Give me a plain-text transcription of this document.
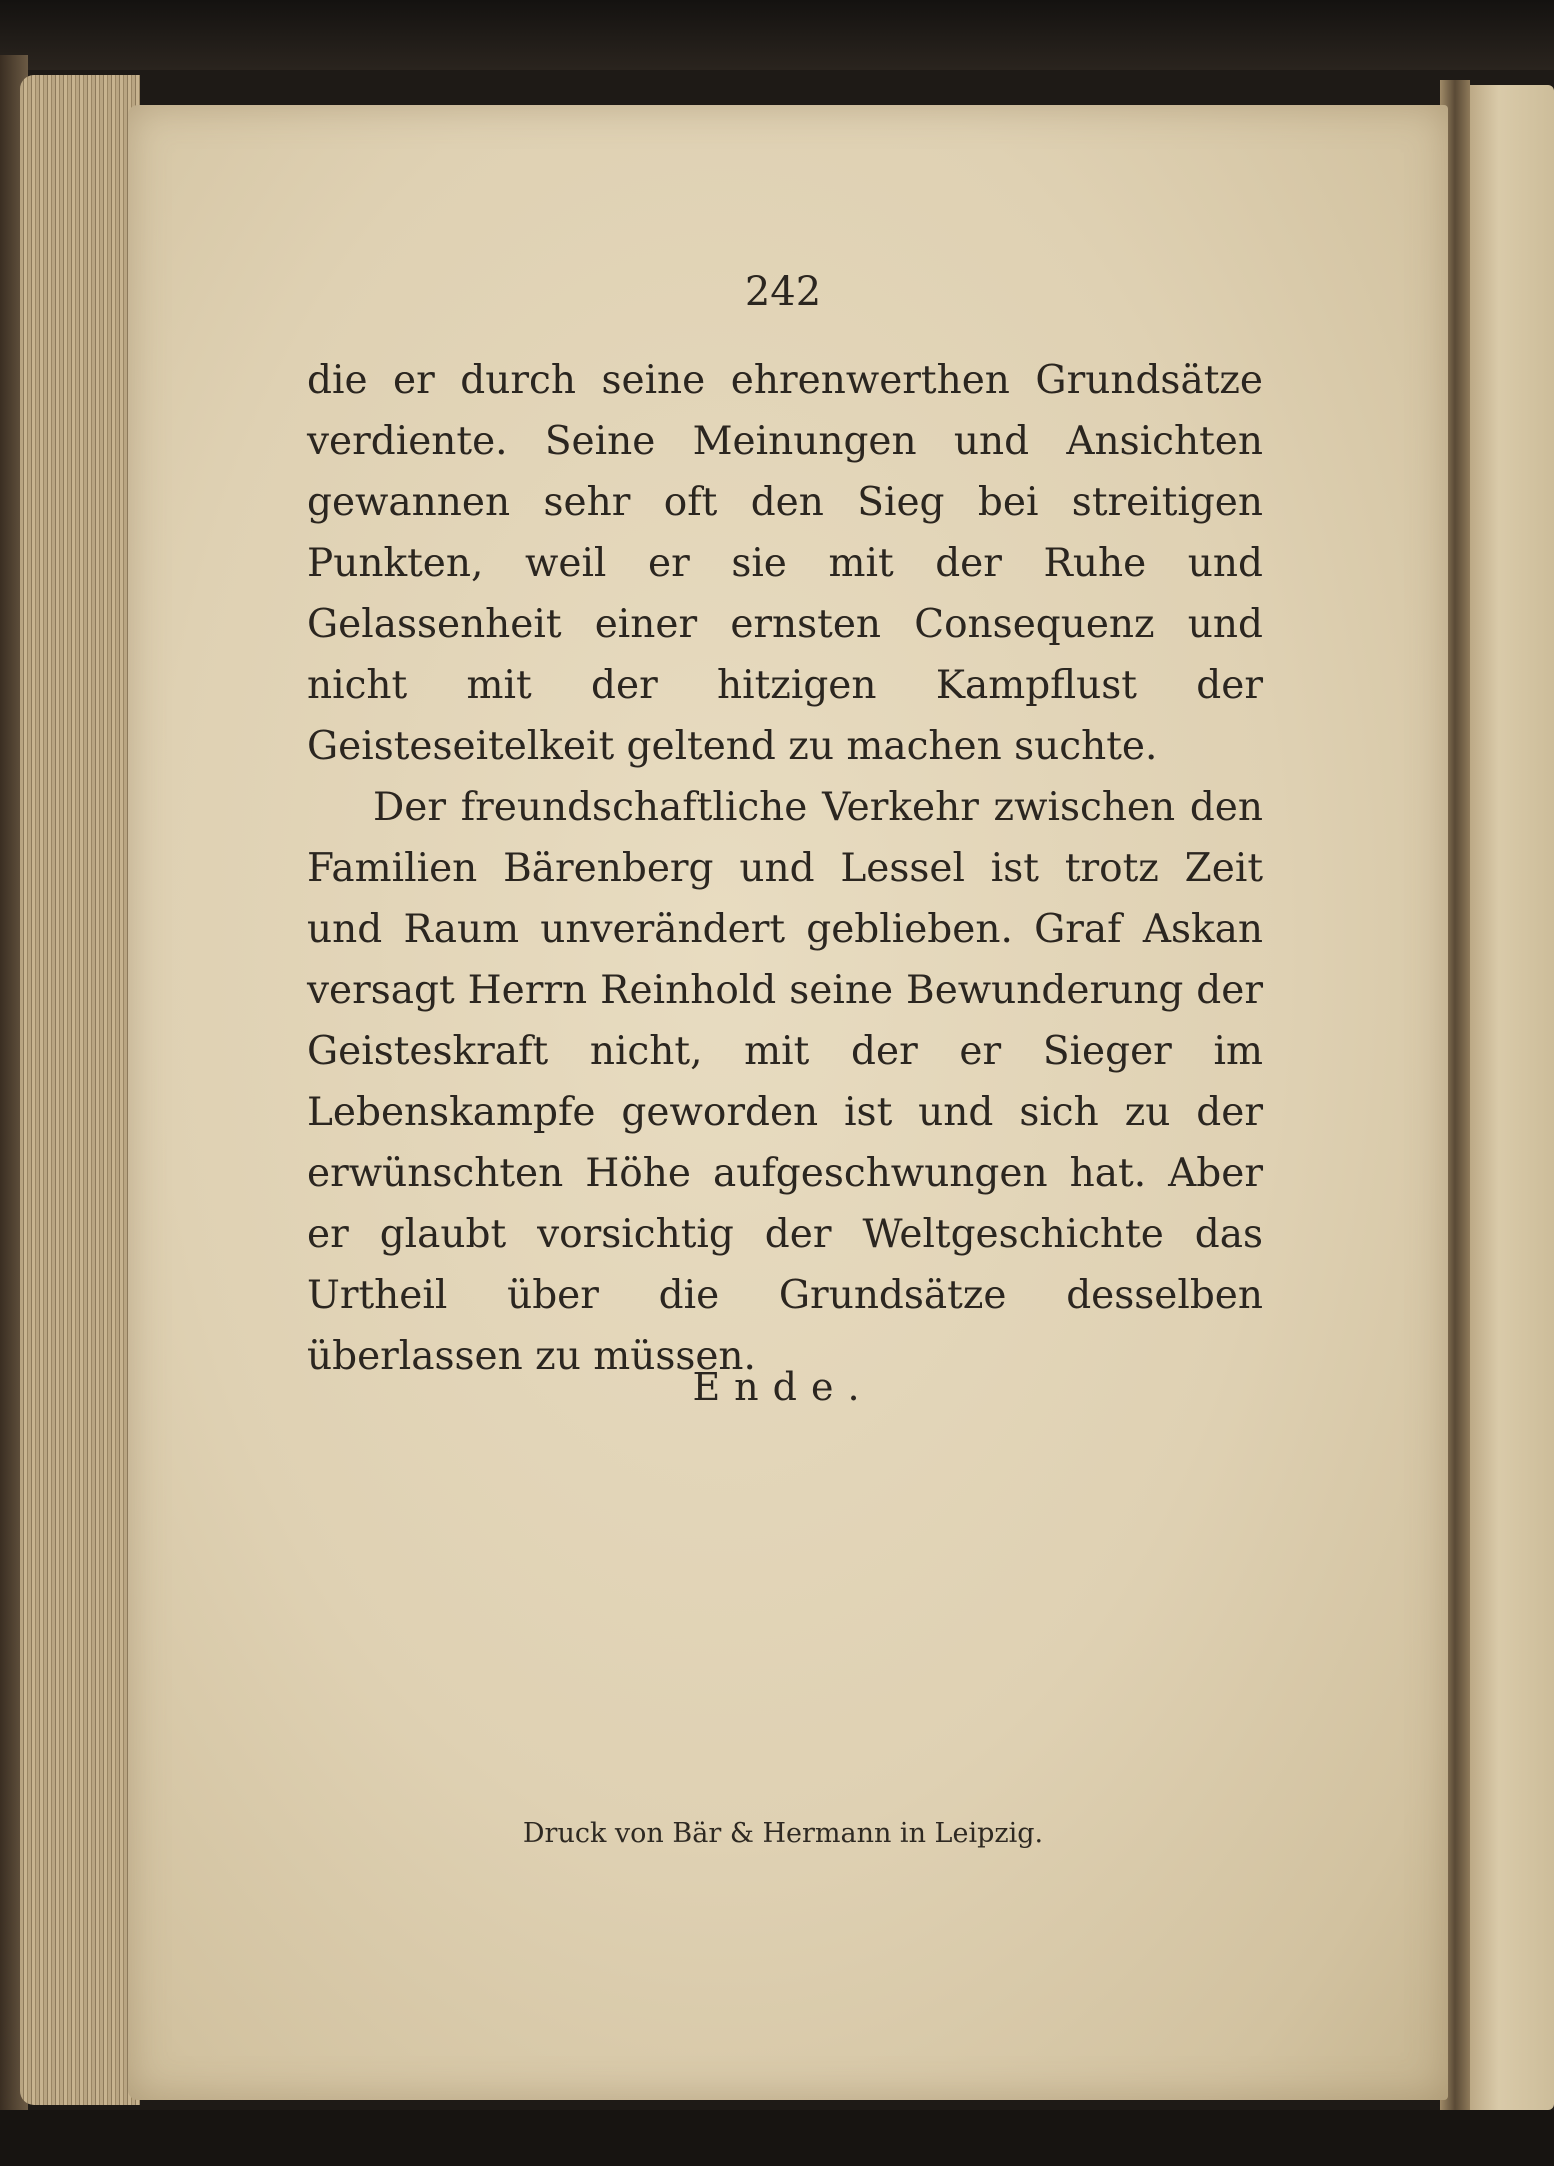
242

die er durch seine ehrenwerthen Grundsätze verdiente. Seine Meinungen und Ansichten gewannen sehr oft den Sieg bei streitigen Punkten, weil er sie mit der Ruhe und Gelassenheit einer ernsten Consequenz und nicht mit der hitzigen Kampflust der Geisteseitelkeit geltend zu machen suchte.

Der freundschaftliche Verkehr zwischen den Familien Bärenberg und Lessel ist trotz Zeit und Raum unverändert geblieben. Graf Askan versagt Herrn Reinhold seine Bewunderung der Geisteskraft nicht, mit der er Sieger im Lebenskampfe geworden ist und sich zu der erwünschten Höhe aufgeschwungen hat. Aber er glaubt vorsichtig der Weltgeschichte das Urtheil über die Grundsätze desselben überlassen zu müssen.

Ende.

Druck von Bär & Hermann in Leipzig.
